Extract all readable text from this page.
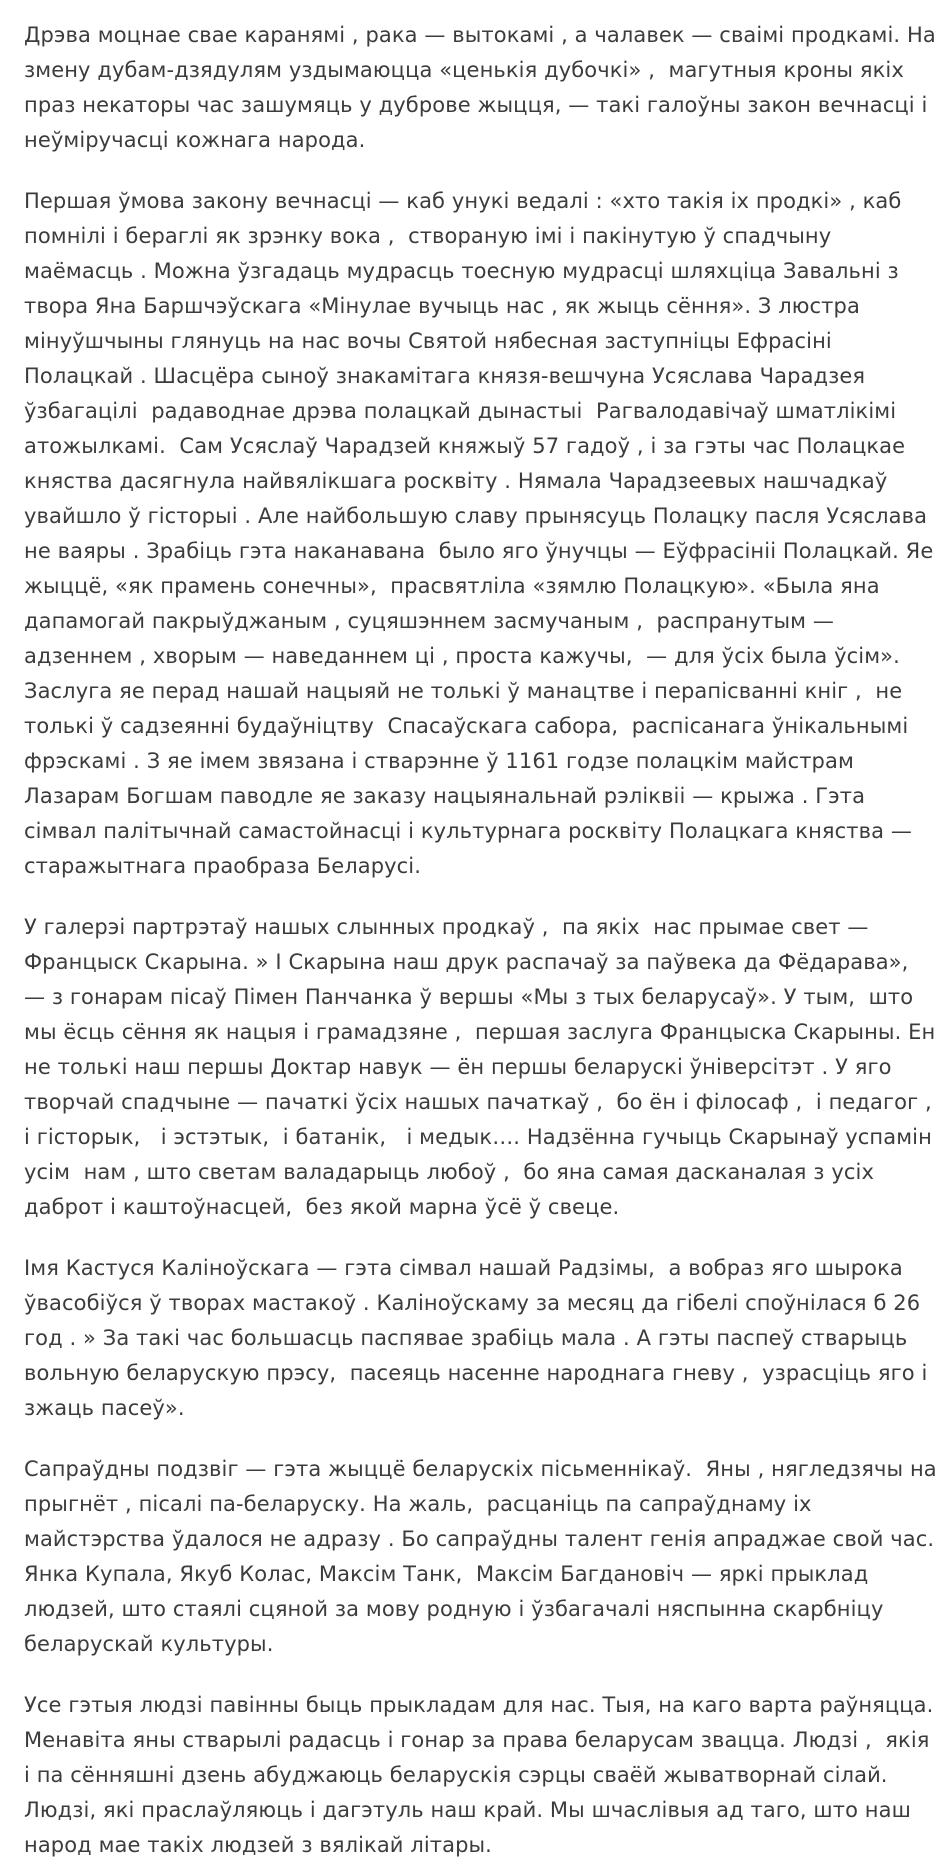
Дрэва моцнае свае каранямі , рака — вытокамі , а чалавек — сваімі продкамі. На змену дубам-дзядулям уздымаюцца «ценькія дубочкі» ,  магутныя кроны якіх праз некаторы час зашумяць у дуброве жыцця, — такі галоўны закон вечнасці і неўміручасці кожнага народа.

Першая ўмова закону вечнасці — каб унукі ведалі : «хто такія іх продкі» , каб помнілі і бераглі як зрэнку вока ,  створаную імі і пакінутую ў спадчыну маёмасць . Можна ўзгадаць мудрасць тоесную мудрасці шляхціца Завальні з твора Яна Баршчэўскага «Мінулае вучыць нас , як жыць сёння». З люстра мінуўшчыны глянуць на нас вочы Святой нябесная заступніцы Ефрасіні Полацкай . Шасцёра сыноў знакамітага князя-вешчуна Усяслава Чарадзея ўзбагацілі  радаводнае дрэва полацкай дынастыі  Рагвалодавічаў шматлікімі атожылкамі.  Сам Усяслаў Чарадзей княжыў 57 гадоў , і за гэты час Полацкае княства дасягнула найвялікшага росквіту . Нямала Чарадзеевых нашчадкаў увайшло ў гісторыі . Але найбольшую славу прынясуць Полацку пасля Усяслава не ваяры . Зрабіць гэта наканавана  было яго ўнучцы — Еўфрасініі Полацкай. Яе жыццё, «як прамень сонечны»,  прасвятліла «зямлю Полацкую». «Была яна дапамогай пакрыўджаным , суцяшэннем засмучаным ,  распранутым — адзеннем , хворым — наведаннем ці , проста кажучы,  — для ўсіх была ўсім». Заслуга яе перад нашай нацыяй не толькі ў манацтве і перапісванні кніг ,  не толькі ў садзеянні будаўніцтву  Спасаўскага сабора,  распісанага ўнікальнымі фрэскамі . З яе імем звязана і стварэнне ў 1161 годзе полацкім майстрам Лазарам Богшам паводле яе заказу нацыянальнай рэліквіі — крыжа . Гэта сімвал палітычнай самастойнасці і культурнага росквіту Полацкага княства — старажытнага праобраза Беларусі.

У галерэі партрэтаў нашых слынных продкаў ,  па якіх  нас прымае свет — Францыск Скарына. » І Скарына наш друк распачаў за паўвека да Фёдарава»,  — з гонарам пісаў Пімен Панчанка ў вершы «Мы з тых беларусаў». У тым,  што мы ёсць сёння як нацыя і грамадзяне ,  першая заслуга Францыска Скарыны. Ен не толькі наш першы Доктар навук — ён першы беларускі ўніверсітэт . У яго творчай спадчыне — пачаткі ўсіх нашых пачаткаў ,  бо ён і філосаф ,  і педагог ,  і гісторык,   і эстэтык,  і батанік,   і медык…. Надзённа гучыць Скарынаў успамін усім  нам , што светам валадарыць любоў ,  бо яна самая дасканалая з усіх даброт і каштоўнасцей,  без якой марна ўсё ў свеце.

Імя Кастуся Каліноўскага — гэта сімвал нашай Радзімы,  а вобраз яго шырока ўвасобіўся ў творах мастакоў . Каліноўскаму за месяц да гібелі споўнілася б 26 год . » За такі час большасць паспявае зрабіць мала . А гэты паспеў стварыць вольную беларускую прэсу,  пасеяць насенне народнага гневу ,  узрасціць яго і зжаць пасеў».

Сапраўдны подзвіг — гэта жыццё беларускіх пісьменнікаў.  Яны , нягледзячы на прыгнёт , пісалі па-беларуску. На жаль,  расцаніць па сапраўднаму іх майстэрства ўдалося не адразу . Бо сапраўдны талент генія апраджае свой час. Янка Купала, Якуб Колас, Максім Танк,  Максім Багдановіч — яркі прыклад людзей, што стаялі сцяной за мову родную і ўзбагачалі няспынна скарбніцу  беларускай культуры.

Усе гэтыя людзі павінны быць прыкладам для нас. Тыя, на каго варта раўняцца. Менавіта яны стварылі радасць і гонар за права беларусам звацца. Людзі ,  якія і па сённяшні дзень абуджаюць беларускія сэрцы сваёй жыватворнай сілай. Людзі, які праслаўляюць і дагэтуль наш край. Мы шчаслівыя ад таго, што наш народ мае такіх людзей з вялікай літары.
